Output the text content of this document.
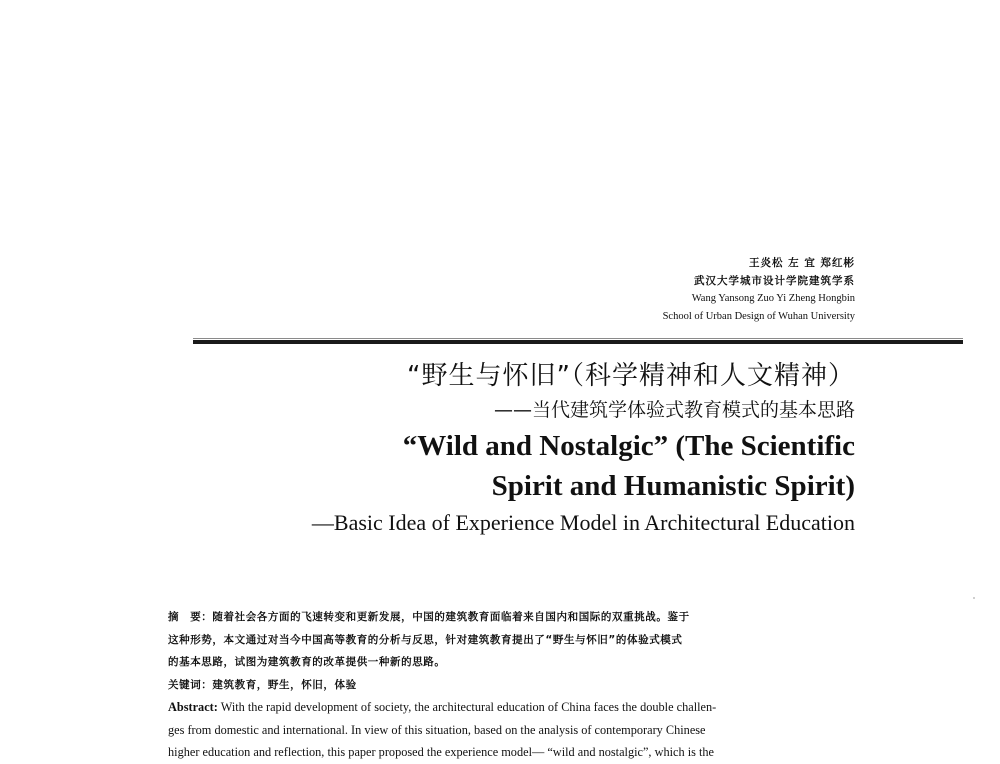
王炎松 左 宜 郑红彬
武汉大学城市设计学院建筑学系
Wang Yansong Zuo Yi Zheng Hongbin
School of Urban Design of Wuhan University
“野生与怀旧”（科学精神和人文精神）
——当代建筑学体验式教育模式的基本思路
“Wild and Nostalgic” (The Scientific
Spirit and Humanistic Spirit)
—Basic Idea of Experience Model in Architectural Education
摘　要：随着社会各方面的飞速转变和更新发展，中国的建筑教育面临着来自国内和国际的双重挑战。鉴于
这种形势，本文通过对当今中国高等教育的分析与反思，针对建筑教育提出了“野生与怀旧”的体验式模式
的基本思路，试图为建筑教育的改革提供一种新的思路。
关键词：建筑教育，野生，怀旧，体验
Abstract: With the rapid development of society, the architectural education of China faces the double challen-
ges from domestic and international. In view of this situation, based on the analysis of contemporary Chinese
higher education and reflection, this paper proposed the experience model— “wild and nostalgic”, which is the
